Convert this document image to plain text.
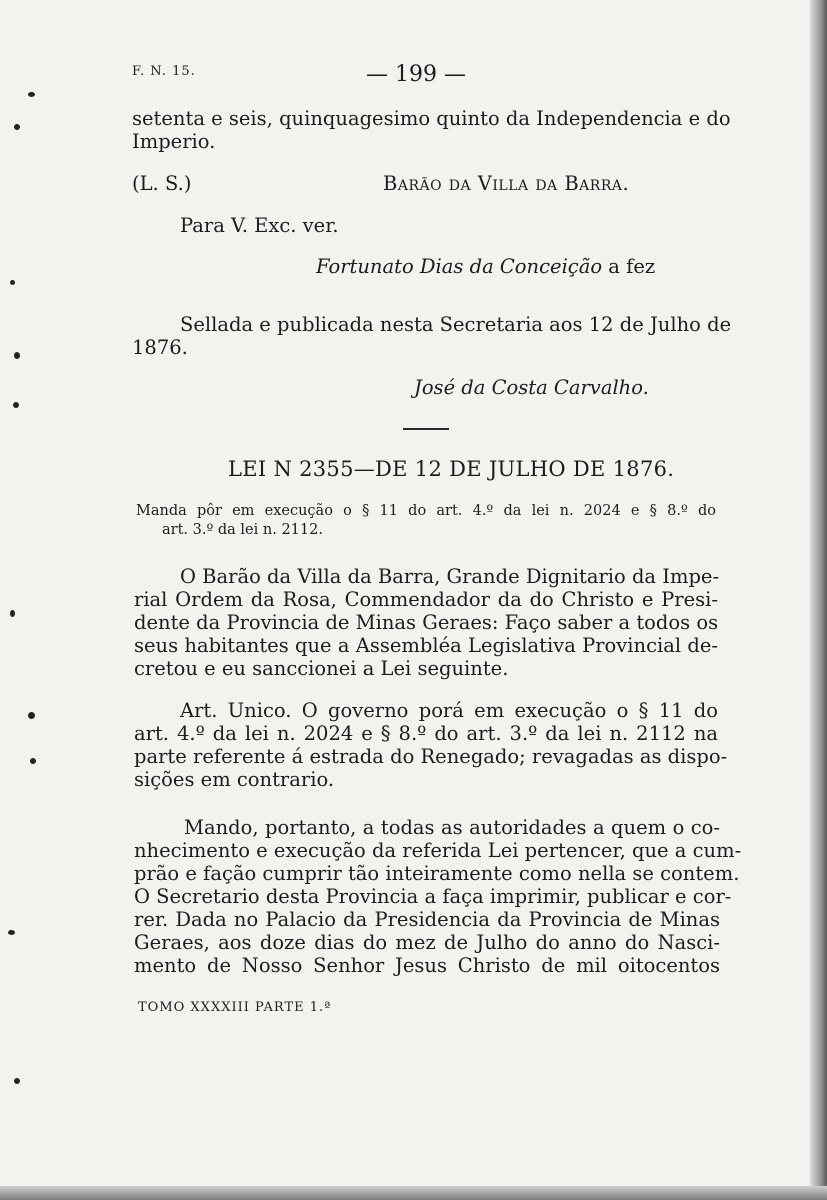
F. N. 15.	— 199 —
setenta e seis, quinquagesimo quinto da Independencia e do
Imperio.
(L. S.)	Barão da Villa da Barra.
Para V. Exc. ver.
Fortunato Dias da Conceição a fez
Sellada e publicada nesta Secretaria aos 12 de Julho de
1876.
José da Costa Carvalho.
LEI N 2355—DE 12 DE JULHO DE 1876.
Manda pôr em execução o § 11 do art. 4.º da lei n. 2024 e § 8.º do
art. 3.º da lei n. 2112.
O Barão da Villa da Barra, Grande Dignitario da Impe-
rial Ordem da Rosa, Commendador da do Christo e Presi-
dente da Provincia de Minas Geraes: Faço saber a todos os
seus habitantes que a Assembléa Legislativa Provincial de-
cretou e eu sanccionei a Lei seguinte.
Art. Unico. O governo porá em execução o § 11 do
art. 4.º da lei n. 2024 e § 8.º do art. 3.º da lei n. 2112 na
parte referente á estrada do Renegado; revagadas as dispo-
sições em contrario.
Mando, portanto, a todas as autoridades a quem o co-
nhecimento e execução da referida Lei pertencer, que a cum-
prão e fação cumprir tão inteiramente como nella se contem.
O Secretario desta Provincia a faça imprimir, publicar e cor-
rer. Dada no Palacio da Presidencia da Provincia de Minas
Geraes, aos doze dias do mez de Julho do anno do Nasci-
mento de Nosso Senhor Jesus Christo de mil oitocentos
TOMO XXXXIII PARTE 1.ª
